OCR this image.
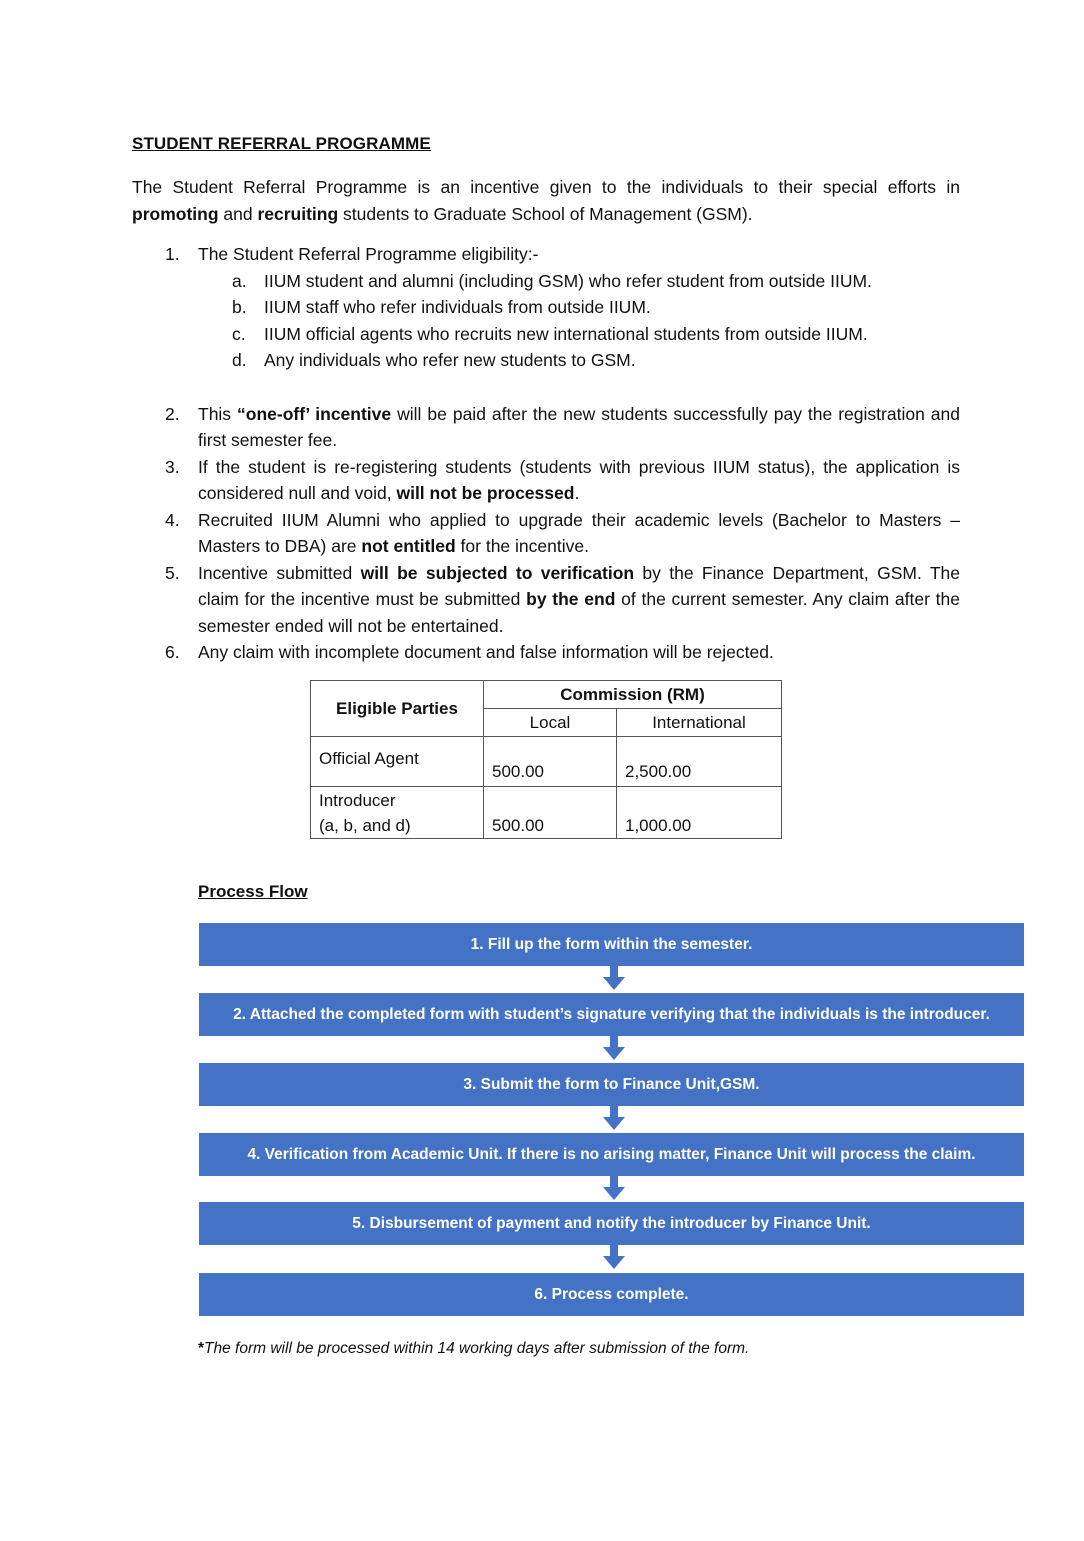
STUDENT REFERRAL PROGRAMME
The Student Referral Programme is an incentive given to the individuals to their special efforts in promoting and recruiting students to Graduate School of Management (GSM).
1. The Student Referral Programme eligibility:-
a. IIUM student and alumni (including GSM) who refer student from outside IIUM.
b. IIUM staff who refer individuals from outside IIUM.
c. IIUM official agents who recruits new international students from outside IIUM.
d. Any individuals who refer new students to GSM.
2. This “one-off’ incentive will be paid after the new students successfully pay the registration and first semester fee.
3. If the student is re-registering students (students with previous IIUM status), the application is considered null and void, will not be processed.
4. Recruited IIUM Alumni who applied to upgrade their academic levels (Bachelor to Masters – Masters to DBA) are not entitled for the incentive.
5. Incentive submitted will be subjected to verification by the Finance Department, GSM. The claim for the incentive must be submitted by the end of the current semester. Any claim after the semester ended will not be entertained.
6. Any claim with incomplete document and false information will be rejected.
Eligible Parties	Commission (RM)	
	Local	International
Official Agent	500.00	2,500.00
Introducer
(a, b, and d)	500.00	1,000.00
Process Flow
1. Fill up the form within the semester.
2. Attached the completed form with student’s signature verifying that the individuals is the introducer.
3. Submit the form to Finance Unit,GSM.
4. Verification from Academic Unit. If there is no arising matter, Finance Unit will process the claim.
5. Disbursement of payment and notify the introducer by Finance Unit.
6. Process complete.
*The form will be processed within 14 working days after submission of the form.
